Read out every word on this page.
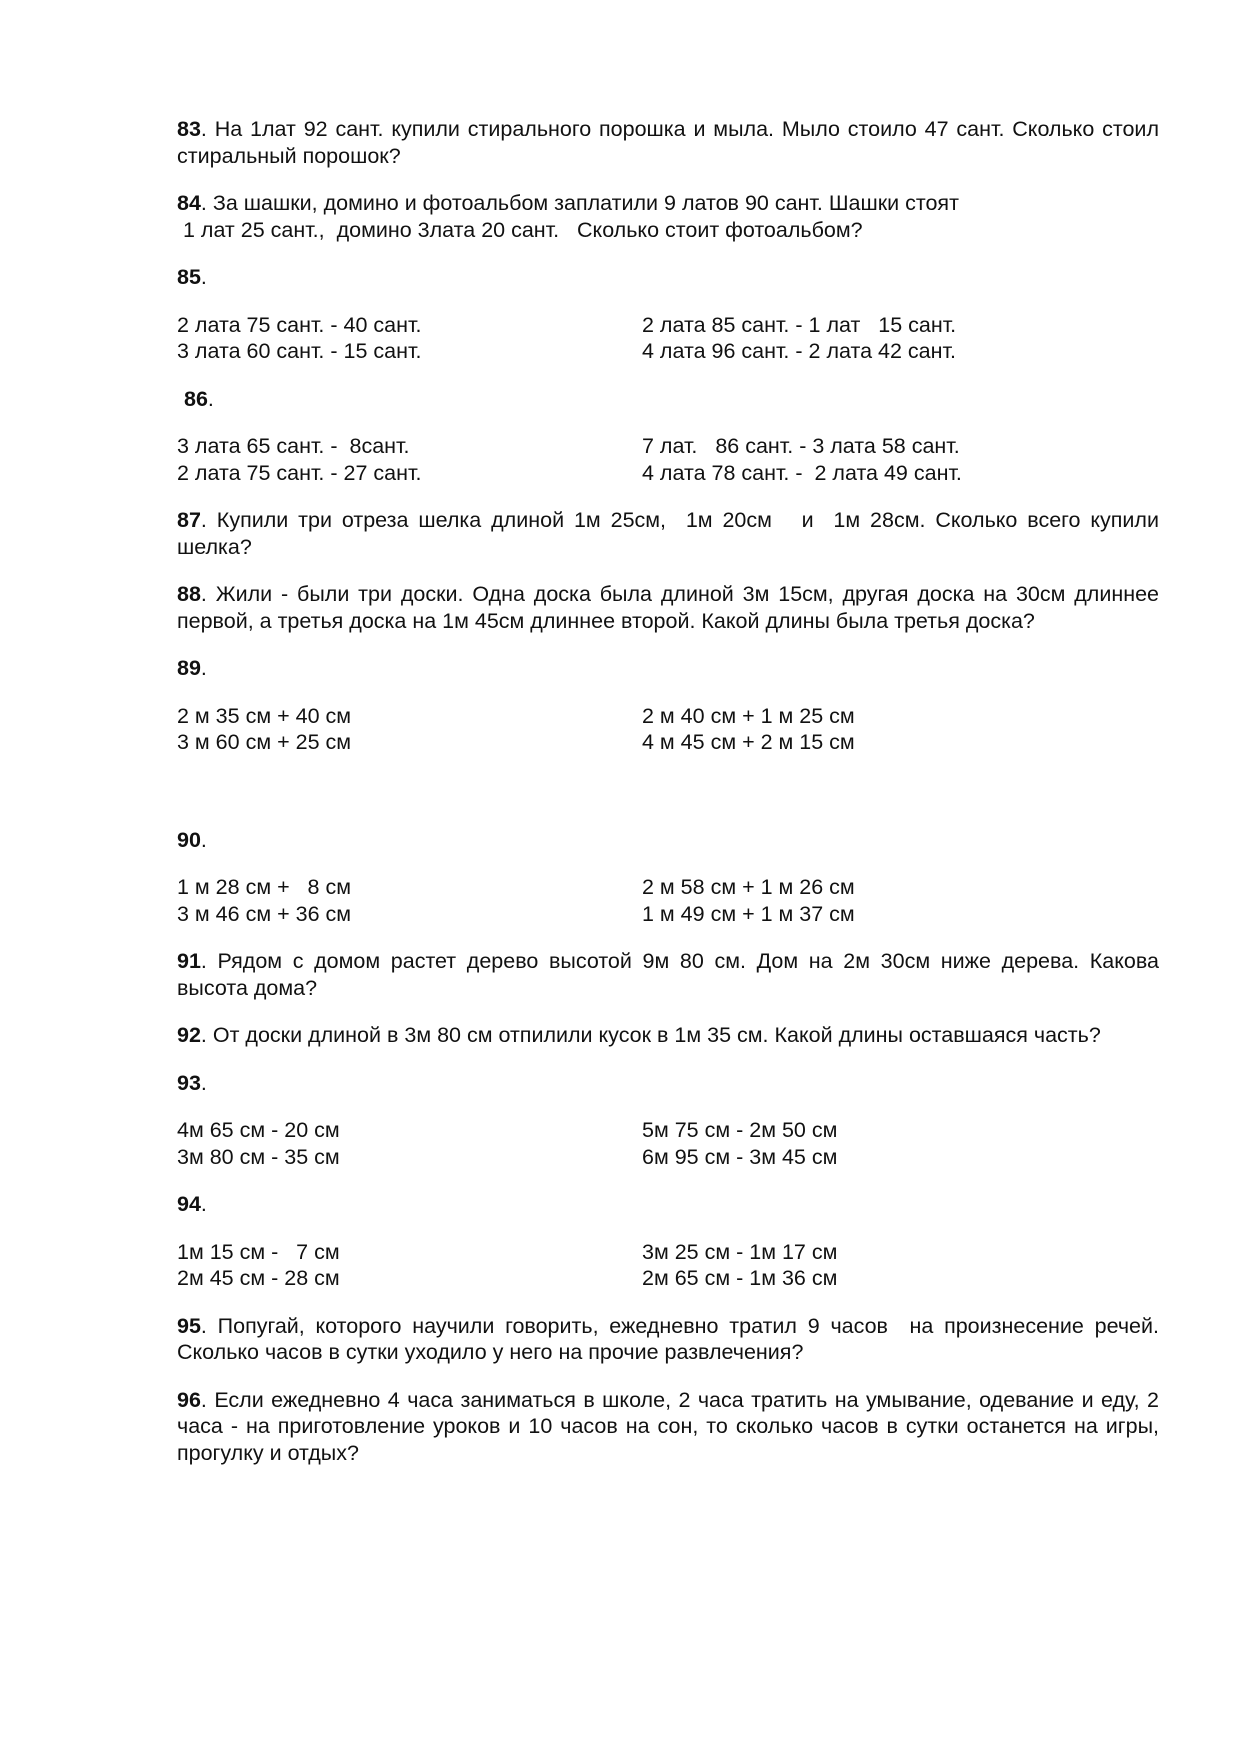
83. На 1лат 92 сант. купили стирального порошка и мыла. Мыло стоило 47 сант. Сколько стоил стиральный порошок?

84. За шашки, домино и фотоальбом заплатили 9 латов 90 сант. Шашки стоят
1 лат 25 сант.,  домино 3лата 20 сант.   Сколько стоит фотоальбом?
85.
2 лата 75 сант. - 40 сант.	2 лата 85 сант. - 1 лат   15 сант.
3 лата 60 сант. - 15 сант.	4 лата 96 сант. - 2 лата 42 сант.
86.
3 лата 65 сант. -  8сант.	7 лат.   86 сант. - 3 лата 58 сант.
2 лата 75 сант. - 27 сант.	4 лата 78 сант. -  2 лата 49 сант.

87. Купили три отреза шелка длиной 1м 25см,  1м 20см   и  1м 28см. Сколько всего купили шелка?

88. Жили - были три доски. Одна доска была длиной 3м 15см, другая доска на 30см длиннее первой, а третья доска на 1м 45см длиннее второй. Какой длины была третья доска?

89.
2 м 35 см + 40 см	2 м 40 см + 1 м 25 см
3 м 60 см + 25 см	4 м 45 см + 2 м 15 см
90.
1 м 28 см +   8 см	2 м 58 см + 1 м 26 см
3 м 46 см + 36 см	1 м 49 см + 1 м 37 см

91. Рядом с домом растет дерево высотой 9м 80 см. Дом на 2м 30см ниже дерева. Какова высота дома?

92. От доски длиной в 3м 80 см отпилили кусок в 1м 35 см. Какой длины оставшаяся часть?

93.
4м 65 см - 20 см	5м 75 см - 2м 50 см
3м 80 см - 35 см	6м 95 см - 3м 45 см
94.
1м 15 см -   7 см	3м 25 см - 1м 17 см
2м 45 см - 28 см	2м 65 см - 1м 36 см

95. Попугай, которого научили говорить, ежедневно тратил 9 часов  на произнесение речей. Сколько часов в сутки уходило у него на прочие развлечения?

96. Если ежедневно 4 часа заниматься в школе, 2 часа тратить на умывание, одевание и еду, 2 часа - на приготовление уроков и 10 часов на сон, то сколько часов в сутки останется на игры, прогулку и отдых?
